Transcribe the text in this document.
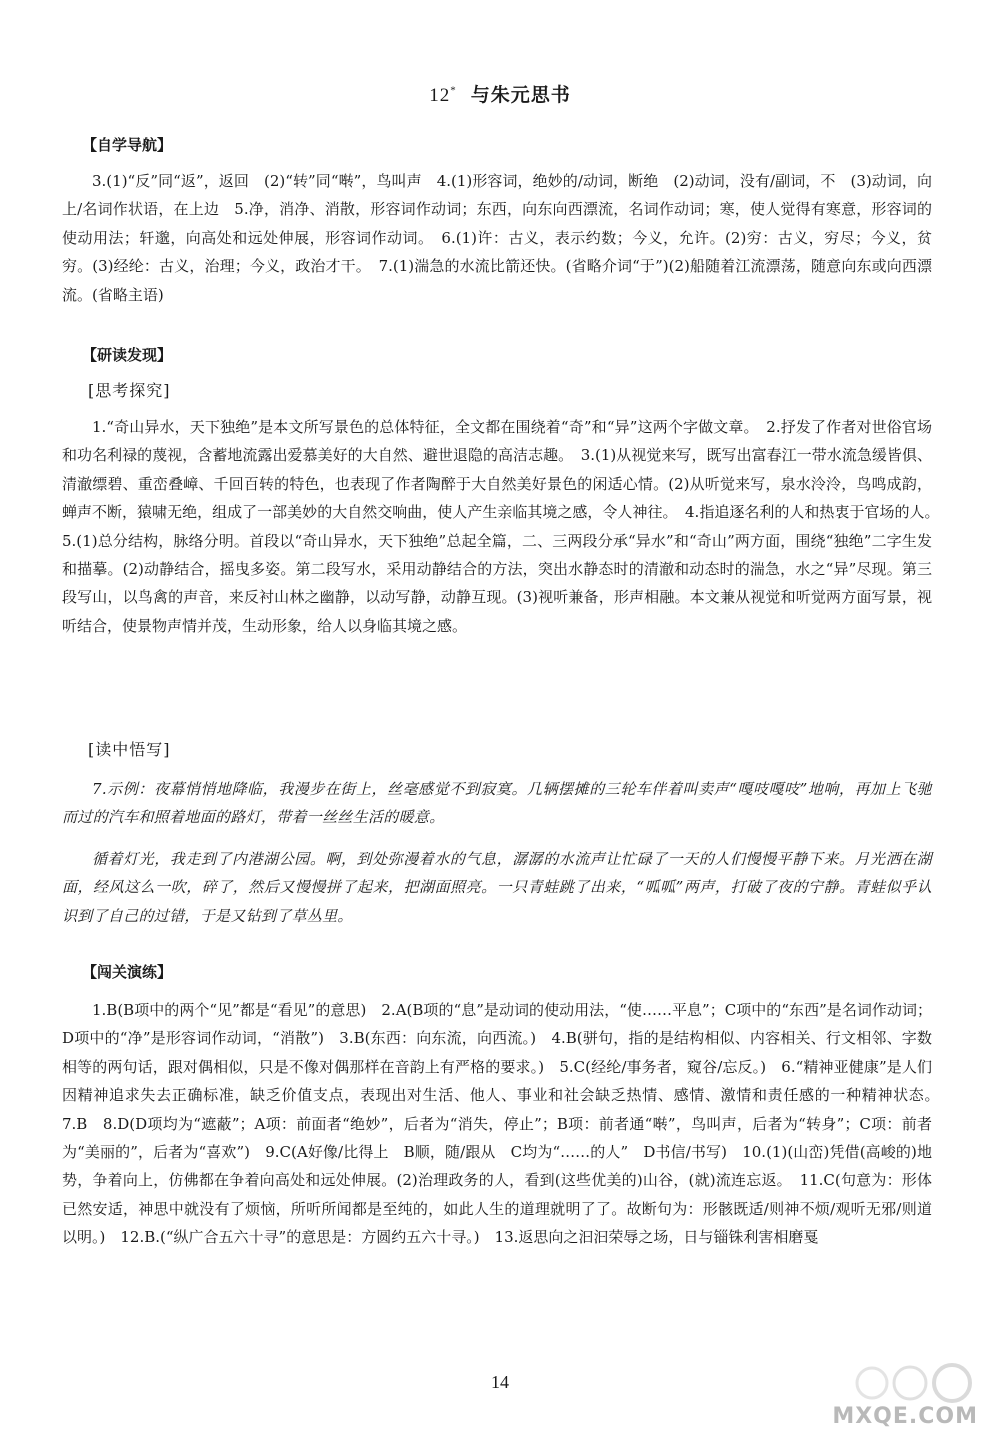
12* 与朱元思书
【自学导航】

3.(1)“反”同“返”，返回　(2)“转”同“啭”，鸟叫声　4.(1)形容词，绝妙的/动词，断绝　(2)动词，没有/副词，不　(3)动词，向上/名词作状语，在上边　5.净，消净、消散，形容词作动词；东西，向东向西漂流，名词作动词；寒，使人觉得有寒意，形容词的使动用法；轩邈，向高处和远处伸展，形容词作动词。　6.(1)许：古义，表示约数；今义，允许。(2)穷：古义，穷尽；今义，贫穷。(3)经纶：古义，治理；今义，政治才干。　7.(1)湍急的水流比箭还快。(省略介词“于”)(2)船随着江流漂荡，随意向东或向西漂流。(省略主语)

【研读发现】
[思考探究]

1.“奇山异水，天下独绝”是本文所写景色的总体特征，全文都在围绕着“奇”和“异”这两个字做文章。　2.抒发了作者对世俗官场和功名利禄的蔑视，含蓄地流露出爱慕美好的大自然、避世退隐的高洁志趣。　3.(1)从视觉来写，既写出富春江一带水流急缓皆俱、清澈缥碧、重峦叠嶂、千回百转的特色，也表现了作者陶醉于大自然美好景色的闲适心情。(2)从听觉来写，泉水泠泠，鸟鸣成韵，蝉声不断，猿啸无绝，组成了一部美妙的大自然交响曲，使人产生亲临其境之感，令人神往。　4.指追逐名利的人和热衷于官场的人。　5.(1)总分结构，脉络分明。首段以“奇山异水，天下独绝”总起全篇，二、三两段分承“异水”和“奇山”两方面，围绕“独绝”二字生发和描摹。(2)动静结合，摇曳多姿。第二段写水，采用动静结合的方法，突出水静态时的清澈和动态时的湍急，水之“异”尽现。第三段写山，以鸟禽的声音，来反衬山林之幽静，以动写静，动静互现。(3)视听兼备，形声相融。本文兼从视觉和听觉两方面写景，视听结合，使景物声情并茂，生动形象，给人以身临其境之感。

[读中悟写]

7.示例：夜幕悄悄地降临，我漫步在街上，丝毫感觉不到寂寞。几辆摆摊的三轮车伴着叫卖声“嘎吱嘎吱”地响，再加上飞驰而过的汽车和照着地面的路灯，带着一丝丝生活的暖意。

循着灯光，我走到了内港湖公园。啊，到处弥漫着水的气息，潺潺的水流声让忙碌了一天的人们慢慢平静下来。月光洒在湖面，经风这么一吹，碎了，然后又慢慢拼了起来，把湖面照亮。一只青蛙跳了出来，“呱呱”两声，打破了夜的宁静。青蛙似乎认识到了自己的过错，于是又钻到了草丛里。

【闯关演练】

1.B(B项中的两个“见”都是“看见”的意思)　2.A(B项的“息”是动词的使动用法，“使……平息”；C项中的“东西”是名词作动词；D项中的“净”是形容词作动词，“消散”)　3.B(东西：向东流，向西流。)　4.B(骈句，指的是结构相似、内容相关、行文相邻、字数相等的两句话，跟对偶相似，只是不像对偶那样在音韵上有严格的要求。)　5.C(经纶/事务者，窥谷/忘反。)　6.“精神亚健康”是人们因精神追求失去正确标准，缺乏价值支点，表现出对生活、他人、事业和社会缺乏热情、感情、激情和责任感的一种精神状态。　7.B　8.D(D项均为“遮蔽”；A项：前面者“绝妙”，后者为“消失，停止”；B项：前者通“啭”，鸟叫声，后者为“转身”；C项：前者为“美丽的”，后者为“喜欢”)　9.C(A好像/比得上　B顺，随/跟从　C均为“……的人”　D书信/书写)　10.(1)(山峦)凭借(高峻的)地势，争着向上，仿佛都在争着向高处和远处伸展。(2)治理政务的人，看到(这些优美的)山谷，(就)流连忘返。　11.C(句意为：形体已然安适，神思中就没有了烦恼，所听所闻都是至纯的，如此人生的道理就明了了。故断句为：形骸既适/则神不烦/观听无邪/则道以明。)　12.B.(“纵广合五六十寻”的意思是：方圆约五六十寻。)　13.返思向之汩汩荣辱之场，日与锱铢利害相磨戛

14
MXQE.COM
